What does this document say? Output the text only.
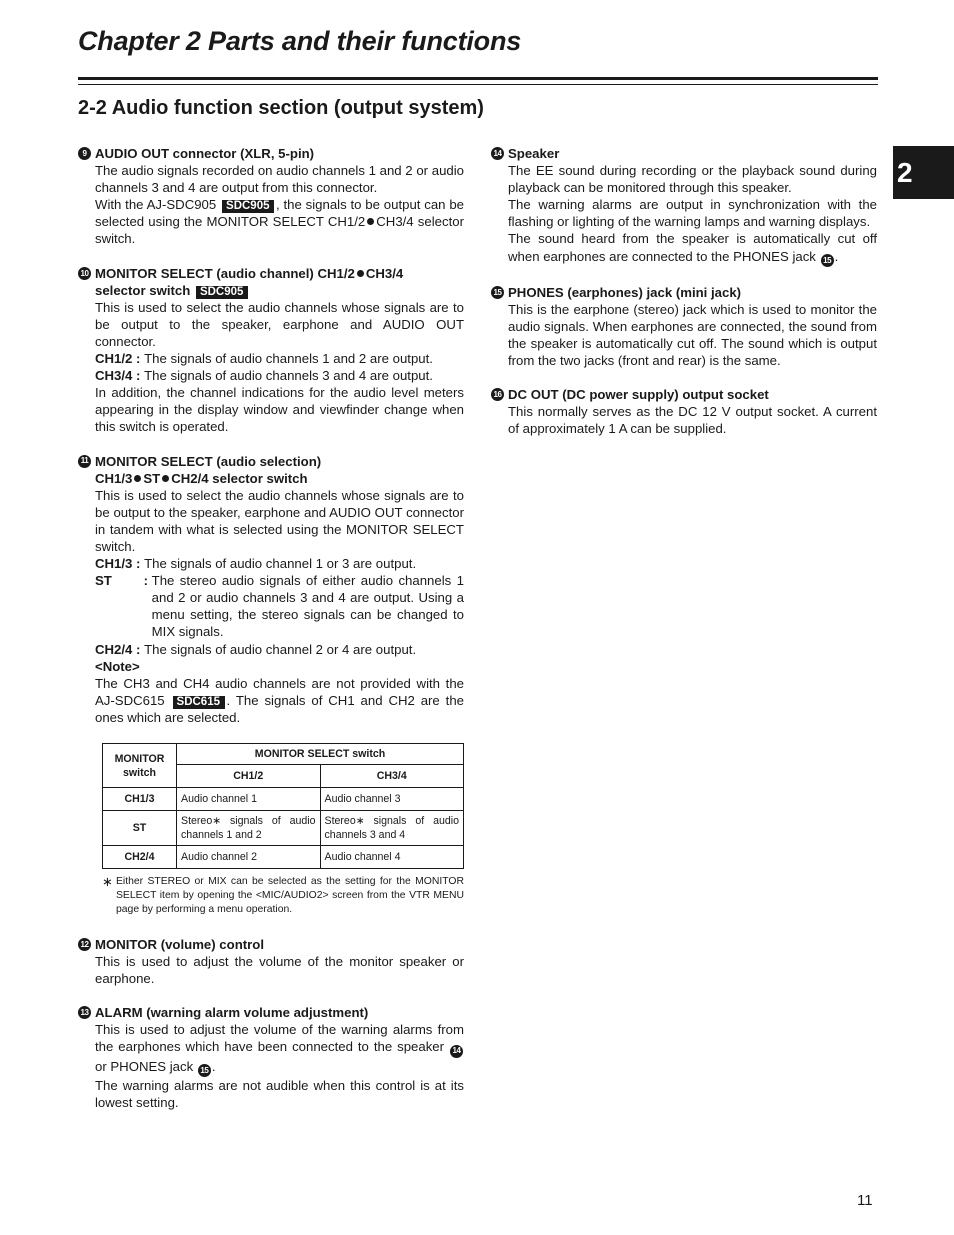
Chapter 2 Parts and their functions
2-2 Audio function section (output system)
2
9 AUDIO OUT connector (XLR, 5-pin)

The audio signals recorded on audio channels 1 and 2 or audio channels 3 and 4 are output from this connector.

With the AJ-SDC905 SDC905 , the signals to be output can be selected using the MONITOR SELECT CH1/2 CH3/4 selector switch.

10 MONITOR SELECT (audio channel) CH1/2 CH3/4
selector switch SDC905

This is used to select the audio channels whose signals are to be output to the speaker, earphone and AUDIO OUT connector.

CH1/2 :
The signals of audio channels 1 and 2 are output.
CH3/4 :
The signals of audio channels 3 and 4 are output.

In addition, the channel indications for the audio level meters appearing in the display window and viewfinder change when this switch is operated.

11 MONITOR SELECT (audio selection)
CH1/3 ST CH2/4 selector switch

This is used to select the audio channels whose signals are to be output to the speaker, earphone and AUDIO OUT connector in tandem with what is selected using the MONITOR SELECT switch.

CH1/3 :
The signals of audio channel 1 or 3 are output.
ST :
The stereo audio signals of either audio channels 1 and 2 or audio channels 3 and 4 are output. Using a menu setting, the stereo signals can be changed to MIX signals.
CH2/4 :
The signals of audio channel 2 or 4 are output.

<Note>

The CH3 and CH4 audio channels are not provided with the AJ-SDC615 SDC615 . The signals of CH1 and CH2 are the ones which are selected.

MONITOR switch	MONITOR SELECT switch	
	CH1/2	CH3/4
CH1/3	Audio channel 1	Audio channel 3
ST	Stereo∗ signals of audio channels 1 and 2	Stereo∗ signals of audio channels 3 and 4
CH2/4	Audio channel 2	Audio channel 4
∗ Either STEREO or MIX can be selected as the setting for the MONITOR SELECT item by opening the <MIC/AUDIO2> screen from the VTR MENU page by performing a menu operation.
12 MONITOR (volume) control

This is used to adjust the volume of the monitor speaker or earphone.

13 ALARM (warning alarm volume adjustment)

This is used to adjust the volume of the warning alarms from the earphones which have been connected to the speaker 14 or PHONES jack 15 .

The warning alarms are not audible when this control is at its lowest setting.

14 Speaker

The EE sound during recording or the playback sound during playback can be monitored through this speaker.

The warning alarms are output in synchronization with the flashing or lighting of the warning lamps and warning displays.

The sound heard from the speaker is automatically cut off when earphones are connected to the PHONES jack 15 .

15 PHONES (earphones) jack (mini jack)

This is the earphone (stereo) jack which is used to monitor the audio signals. When earphones are connected, the sound from the speaker is automatically cut off. The sound which is output from the two jacks (front and rear) is the same.

16 DC OUT (DC power supply) output socket

This normally serves as the DC 12 V output socket. A current of approximately 1 A can be supplied.

11
